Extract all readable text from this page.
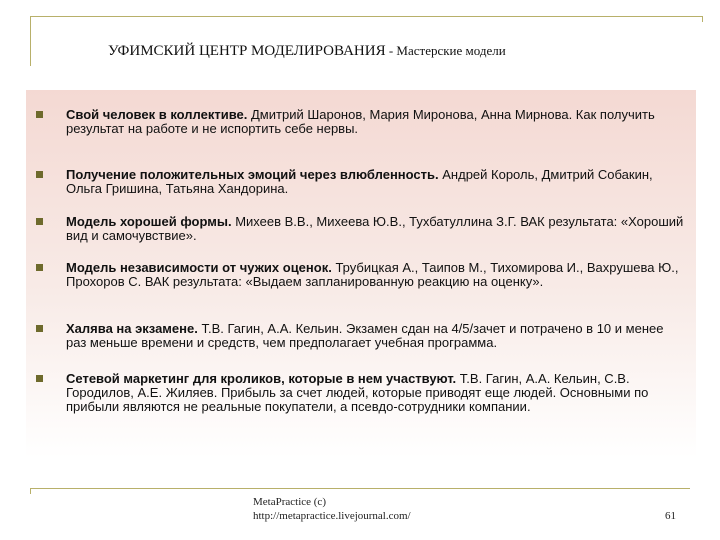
УФИМСКИЙ ЦЕНТР МОДЕЛИРОВАНИЯ - Мастерские модели
Свой человек в коллективе. Дмитрий Шаронов, Мария Миронова, Анна Мирнова. Как получить результат на работе и не испортить себе нервы.
Получение положительных эмоций через влюбленность. Андрей Король, Дмитрий Собакин, Ольга Гришина, Татьяна Хандорина.
Модель хорошей формы. Михеев В.В., Михеева Ю.В., Тухбатуллина З.Г. ВАК результата: «Хороший вид и самочувствие».
Модель независимости от чужих оценок. Трубицкая А., Таипов М., Тихомирова И., Вахрушева Ю., Прохоров С. ВАК результата: «Выдаем запланированную реакцию на оценку».
Халява на экзамене. Т.В. Гагин, А.А. Кельин. Экзамен сдан на 4/5/зачет и потрачено в 10 и менее раз меньше времени и средств, чем предполагает учебная программа.
Сетевой маркетинг для кроликов, которые в нем участвуют. Т.В. Гагин, А.А. Кельин, С.В. Городилов, А.Е. Жиляев. Прибыль за счет людей, которые приводят еще людей. Основными по прибыли являются не реальные покупатели, а псевдо-сотрудники компании.
MetaPractice (c)
http://metapractice.livejournal.com/	61
